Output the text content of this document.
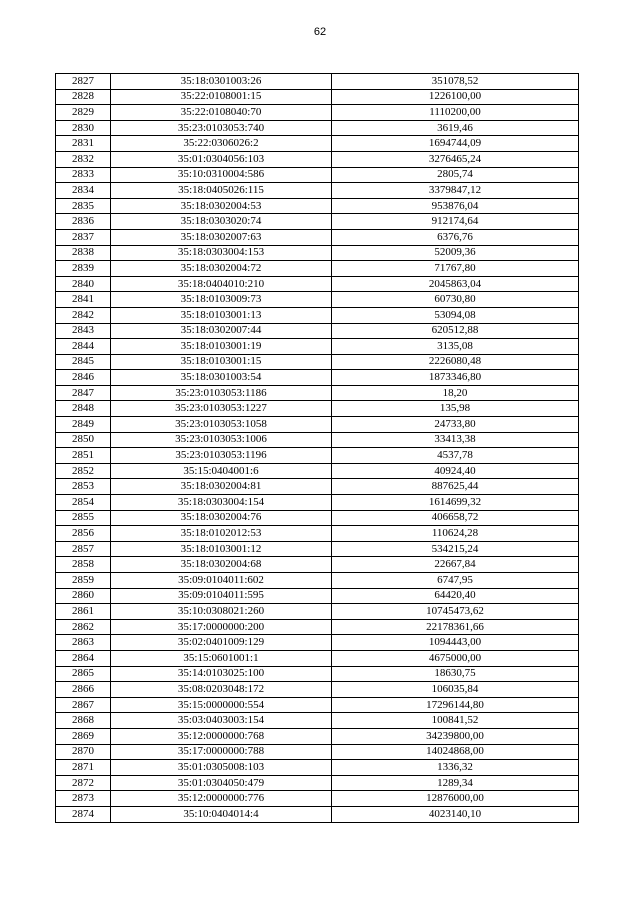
62
2827	35:18:0301003:26	351078,52
2828	35:22:0108001:15	1226100,00
2829	35:22:0108040:70	1110200,00
2830	35:23:0103053:740	3619,46
2831	35:22:0306026:2	1694744,09
2832	35:01:0304056:103	3276465,24
2833	35:10:0310004:586	2805,74
2834	35:18:0405026:115	3379847,12
2835	35:18:0302004:53	953876,04
2836	35:18:0303020:74	912174,64
2837	35:18:0302007:63	6376,76
2838	35:18:0303004:153	52009,36
2839	35:18:0302004:72	71767,80
2840	35:18:0404010:210	2045863,04
2841	35:18:0103009:73	60730,80
2842	35:18:0103001:13	53094,08
2843	35:18:0302007:44	620512,88
2844	35:18:0103001:19	3135,08
2845	35:18:0103001:15	2226080,48
2846	35:18:0301003:54	1873346,80
2847	35:23:0103053:1186	18,20
2848	35:23:0103053:1227	135,98
2849	35:23:0103053:1058	24733,80
2850	35:23:0103053:1006	33413,38
2851	35:23:0103053:1196	4537,78
2852	35:15:0404001:6	40924,40
2853	35:18:0302004:81	887625,44
2854	35:18:0303004:154	1614699,32
2855	35:18:0302004:76	406658,72
2856	35:18:0102012:53	110624,28
2857	35:18:0103001:12	534215,24
2858	35:18:0302004:68	22667,84
2859	35:09:0104011:602	6747,95
2860	35:09:0104011:595	64420,40
2861	35:10:0308021:260	10745473,62
2862	35:17:0000000:200	22178361,66
2863	35:02:0401009:129	1094443,00
2864	35:15:0601001:1	4675000,00
2865	35:14:0103025:100	18630,75
2866	35:08:0203048:172	106035,84
2867	35:15:0000000:554	17296144,80
2868	35:03:0403003:154	100841,52
2869	35:12:0000000:768	34239800,00
2870	35:17:0000000:788	14024868,00
2871	35:01:0305008:103	1336,32
2872	35:01:0304050:479	1289,34
2873	35:12:0000000:776	12876000,00
2874	35:10:0404014:4	4023140,10
